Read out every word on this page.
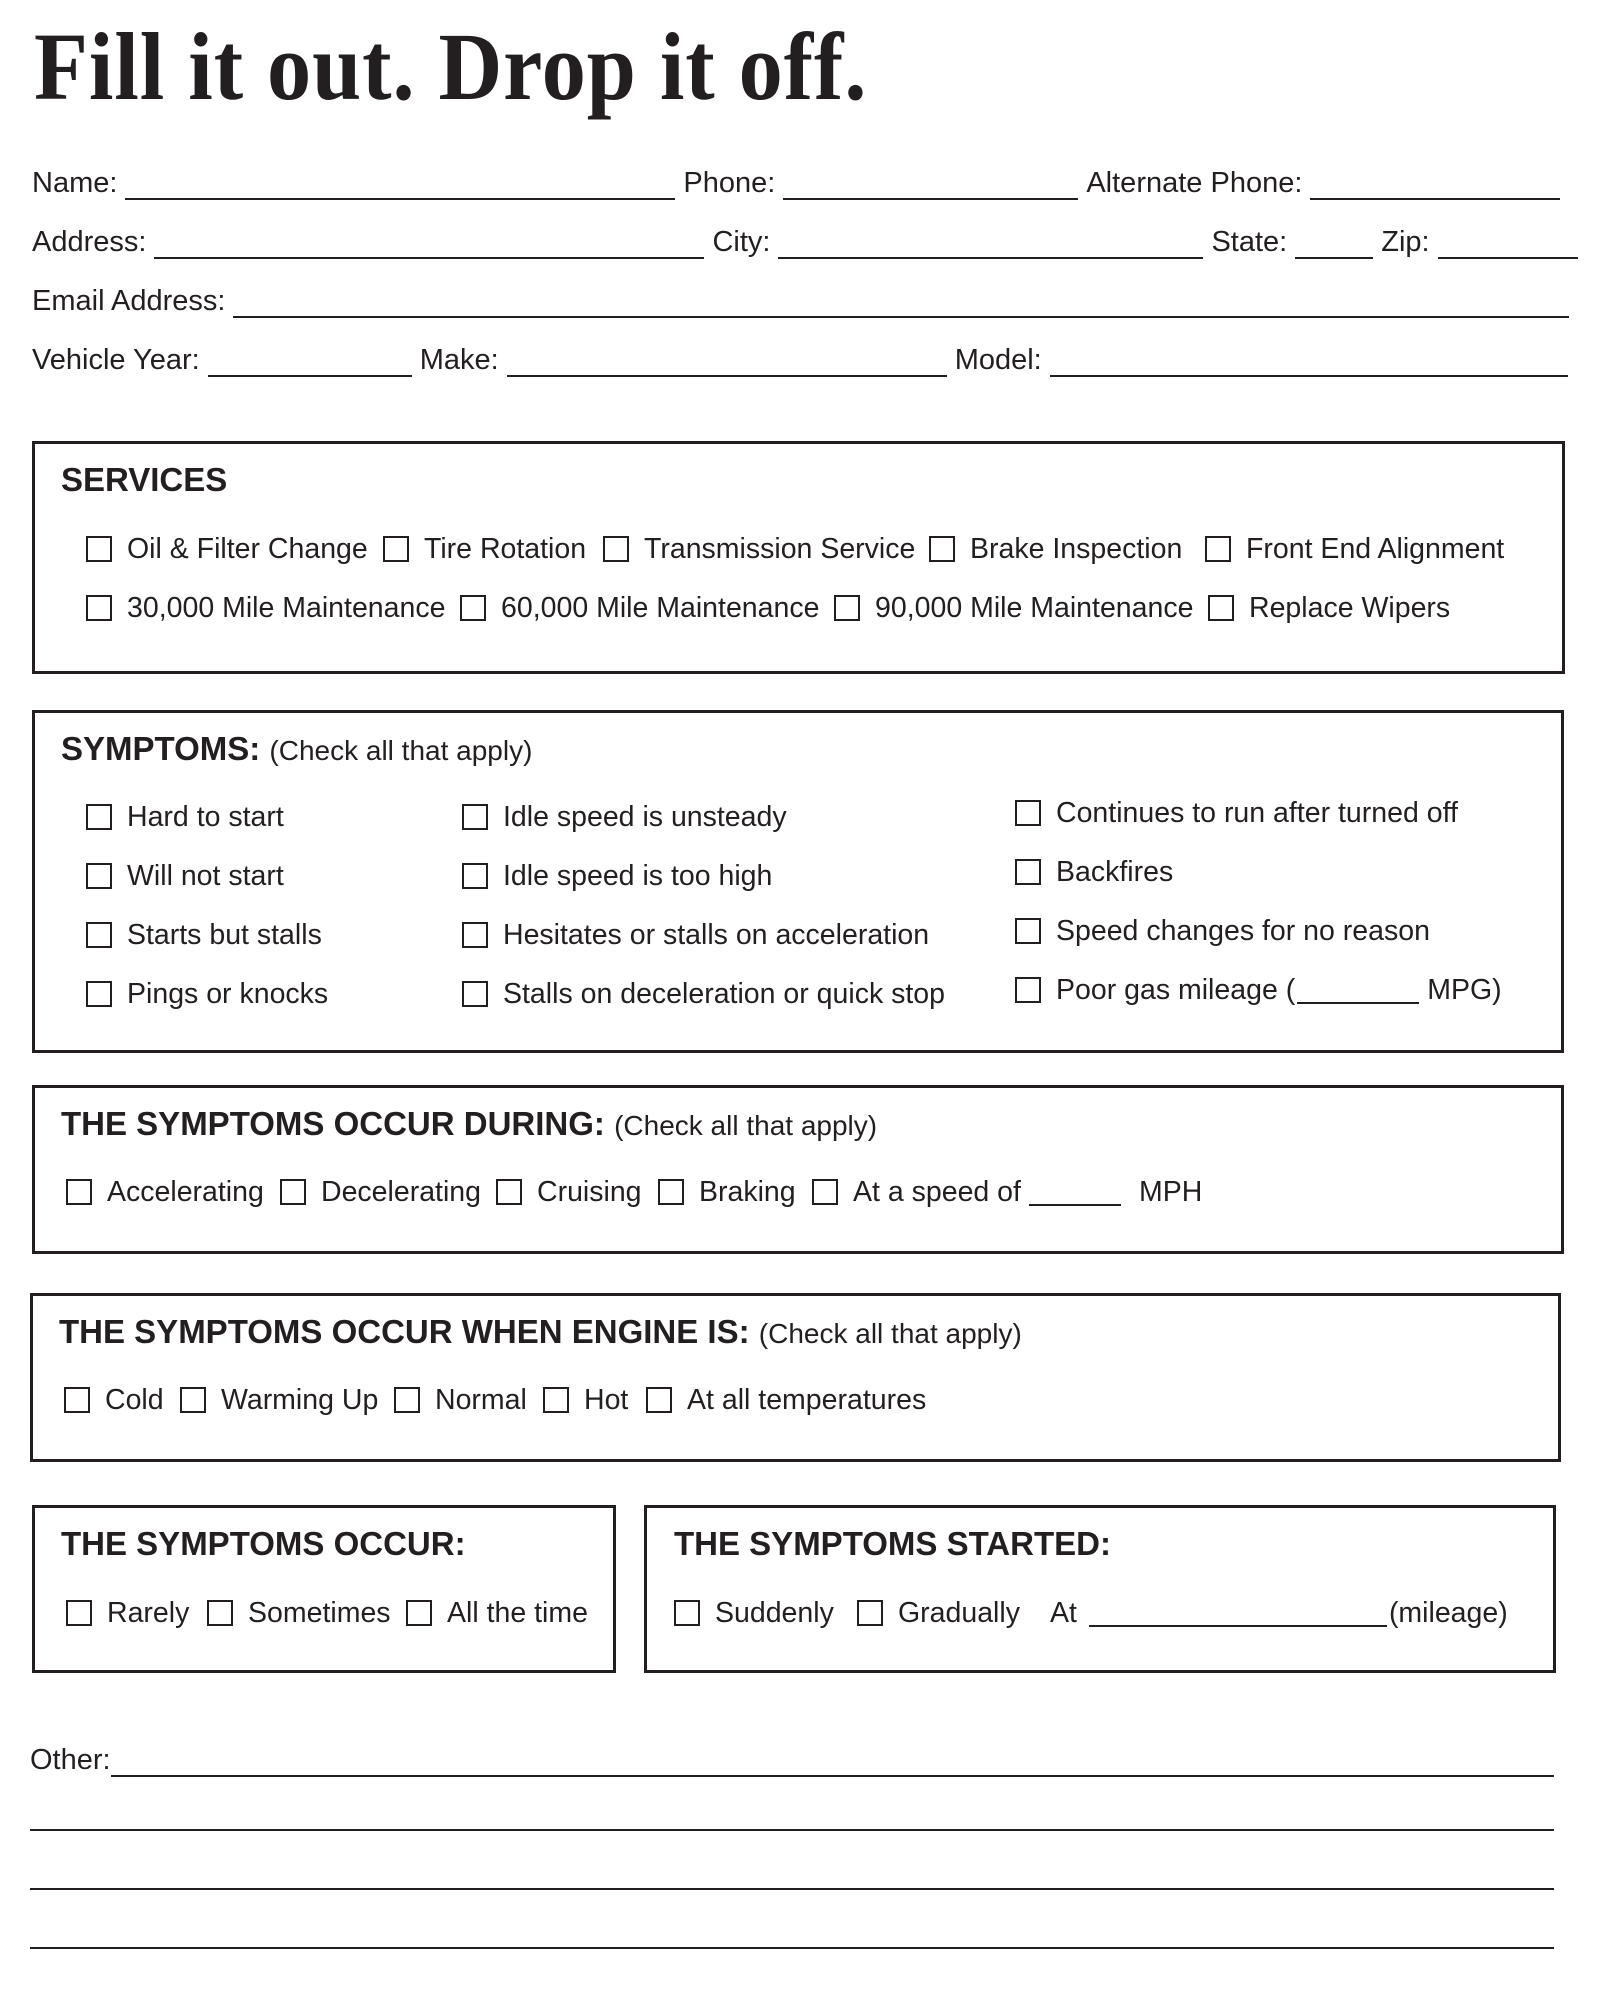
Fill it out. Drop it off.
Name:	Phone:	Alternate Phone:
Address:	City:	State:	Zip:
Email Address:
Vehicle Year:	Make:	Model:
SERVICES
Oil & Filter Change Tire Rotation Transmission Service Brake Inspection Front End Alignment
30,000 Mile Maintenance 60,000 Mile Maintenance 90,000 Mile Maintenance Replace Wipers
SYMPTOMS: (Check all that apply)
Hard to start
Will not start
Starts but stalls
Pings or knocks
Idle speed is unsteady
Idle speed is too high
Hesitates or stalls on acceleration
Stalls on deceleration or quick stop
Continues to run after turned off
Backfires
Speed changes for no reason
Poor gas mileage (	MPG)
THE SYMPTOMS OCCUR DURING: (Check all that apply)
Accelerating Decelerating Cruising Braking At a speed of	MPH
THE SYMPTOMS OCCUR WHEN ENGINE IS: (Check all that apply)
Cold Warming Up Normal Hot At all temperatures
THE SYMPTOMS OCCUR:
Rarely Sometimes All the time
THE SYMPTOMS STARTED:
Suddenly Gradually At	(mileage)
Other:
